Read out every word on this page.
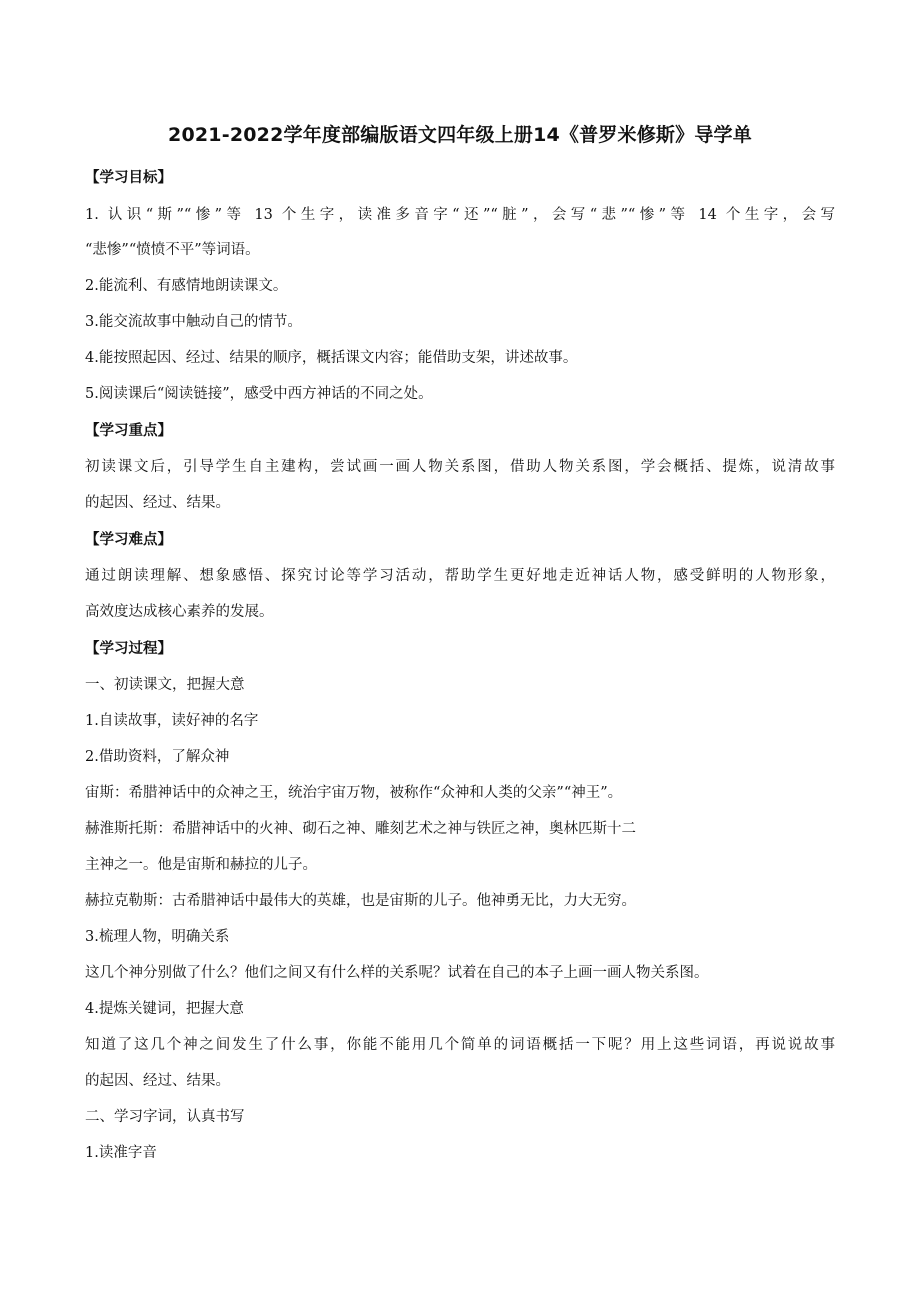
2021-2022学年度部编版语文四年级上册14《普罗米修斯》导学单
【学习目标】
1. 认识“斯”“惨”等 13 个生字，读准多音字“还”“脏”，会写“悲”“惨”等 14 个生字，会写
“悲惨”“愤愤不平”等词语。
2.能流利、有感情地朗读课文。
3.能交流故事中触动自己的情节。
4.能按照起因、经过、结果的顺序，概括课文内容；能借助支架，讲述故事。
5.阅读课后“阅读链接”，感受中西方神话的不同之处。
【学习重点】
初读课文后，引导学生自主建构，尝试画一画人物关系图，借助人物关系图，学会概括、提炼，说清故事
的起因、经过、结果。
【学习难点】
通过朗读理解、想象感悟、探究讨论等学习活动，帮助学生更好地走近神话人物，感受鲜明的人物形象，
高效度达成核心素养的发展。
【学习过程】
一、初读课文，把握大意
1.自读故事，读好神的名字
2.借助资料，了解众神
宙斯：希腊神话中的众神之王，统治宇宙万物，被称作“众神和人类的父亲”“神王”。
赫淮斯托斯：希腊神话中的火神、砌石之神、雕刻艺术之神与铁匠之神，奥林匹斯十二
主神之一。他是宙斯和赫拉的儿子。
赫拉克勒斯：古希腊神话中最伟大的英雄，也是宙斯的儿子。他神勇无比，力大无穷。
3.梳理人物，明确关系
这几个神分别做了什么？他们之间又有什么样的关系呢？试着在自己的本子上画一画人物关系图。
4.提炼关键词，把握大意
知道了这几个神之间发生了什么事，你能不能用几个简单的词语概括一下呢？用上这些词语，再说说故事
的起因、经过、结果。
二、学习字词，认真书写
1.读准字音
